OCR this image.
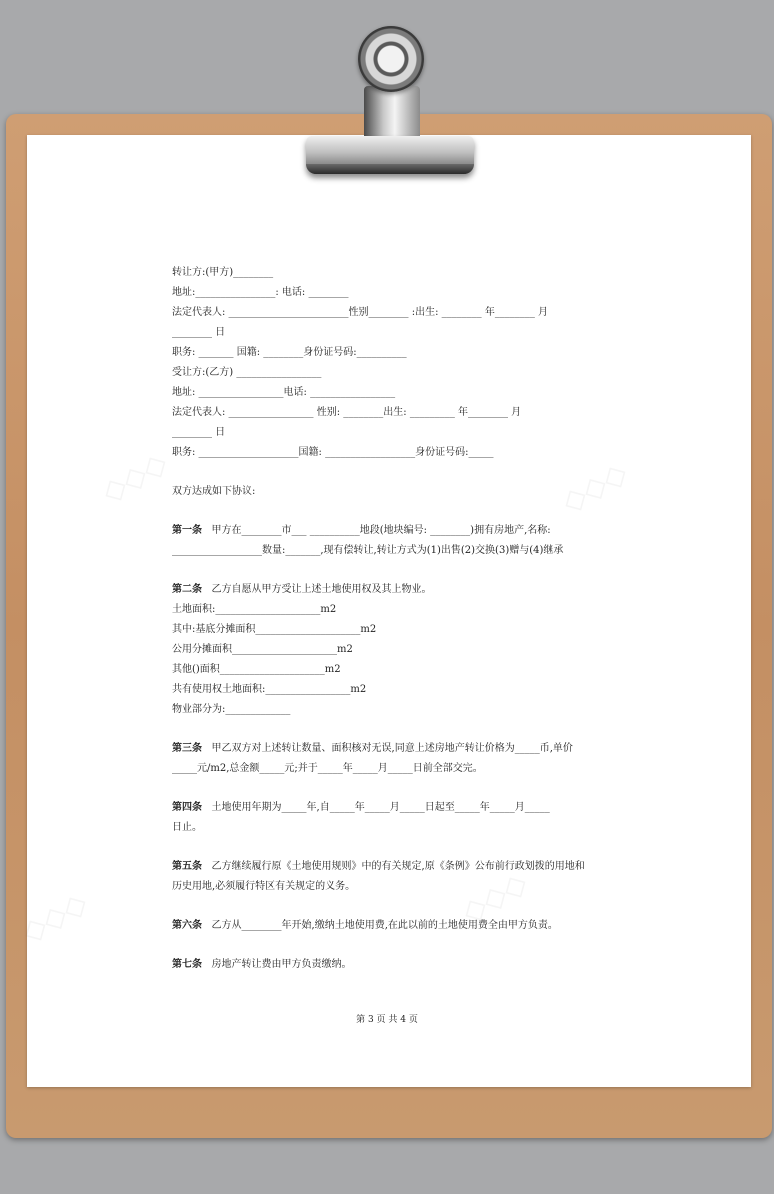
◇◇◇
◇◇◇
◇◇◇	◇◇◇
转让方:(甲方)________
地址:________________: 电话: ________
法定代表人: ________________________性别________ :出生: ________ 年________ 月
________ 日
职务: _______ 国籍: ________身份证号码:__________
受让方:(乙方) _________________
地址: _________________电话: _________________
法定代表人: _________________ 性别: ________出生: _________ 年________ 月
________ 日
职务: ____________________国籍: __________________身份证号码:_____
双方达成如下协议:
第一条 甲方在________市___ __________地段(地块编号: ________)拥有房地产,名称:
__________________数量:_______,现有偿转让,转让方式为(1)出售(2)交换(3)赠与(4)继承
第二条 乙方自愿从甲方受让上述土地使用权及其上物业。
土地面积:_____________________m2
其中:基底分摊面积_____________________m2
公用分摊面积_____________________m2
其他()面积_____________________m2
共有使用权土地面积:_________________m2
物业部分为:_____________
第三条 甲乙双方对上述转让数量、面积核对无误,同意上述房地产转让价格为_____币,单价
_____元/m2,总金额_____元;并于_____年_____月_____日前全部交完。
第四条 土地使用年期为_____年,自_____年_____月_____日起至_____年_____月_____
日止。
第五条 乙方继续履行原《土地使用规则》中的有关规定,原《条例》公布前行政划拨的用地和
历史用地,必须履行特区有关规定的义务。
第六条 乙方从________年开始,缴纳土地使用费,在此以前的土地使用费全由甲方负责。
第七条 房地产转让费由甲方负责缴纳。
第 3 页 共 4 页
